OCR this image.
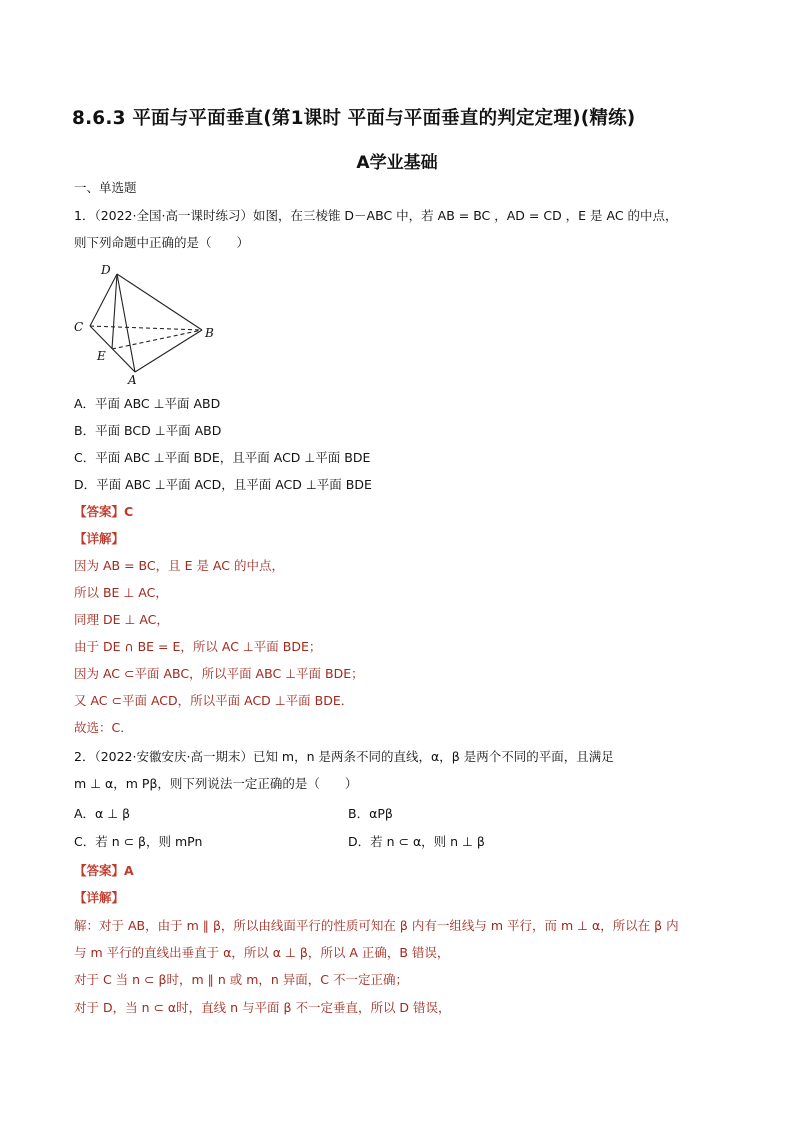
8.6.3 平面与平面垂直(第1课时 平面与平面垂直的判定定理)(精练)
A学业基础
一、单选题
1．（2022·全国·高一课时练习）如图，在三棱锥 D－ABC 中，若 AB = BC ，AD = CD ，E 是 AC 的中点，
则下列命题中正确的是（　　）
D
C	B
E
A
A．平面 ABC ⊥平面 ABD
B．平面 BCD ⊥平面 ABD
C．平面 ABC ⊥平面 BDE，且平面 ACD ⊥平面 BDE
D．平面 ABC ⊥平面 ACD，且平面 ACD ⊥平面 BDE
【答案】C
【详解】
因为 AB = BC，且 E 是 AC 的中点，
所以 BE ⊥ AC，
同理 DE ⊥ AC，
由于 DE ∩ BE = E，所以 AC ⊥平面 BDE；
因为 AC ⊂平面 ABC，所以平面 ABC ⊥平面 BDE；
又 AC ⊂平面 ACD，所以平面 ACD ⊥平面 BDE．
故选：C．
2．（2022·安徽安庆·高一期末）已知 m，n 是两条不同的直线，α，β 是两个不同的平面，且满足
m ⊥ α，m Pβ，则下列说法一定正确的是（　　）
A．α ⊥ β	B．αPβ
C．若 n ⊂ β，则 mPn	D．若 n ⊂ α，则 n ⊥ β
【答案】A
【详解】
解：对于 AB，由于 m ∥ β，所以由线面平行的性质可知在 β 内有一组线与 m 平行，而 m ⊥ α，所以在 β 内
与 m 平行的直线出垂直于 α，所以 α ⊥ β，所以 A 正确，B 错误，
对于 C 当 n ⊂ β时，m ∥ n 或 m，n 异面，C 不一定正确；
对于 D，当 n ⊂ α时，直线 n 与平面 β 不一定垂直，所以 D 错误，
